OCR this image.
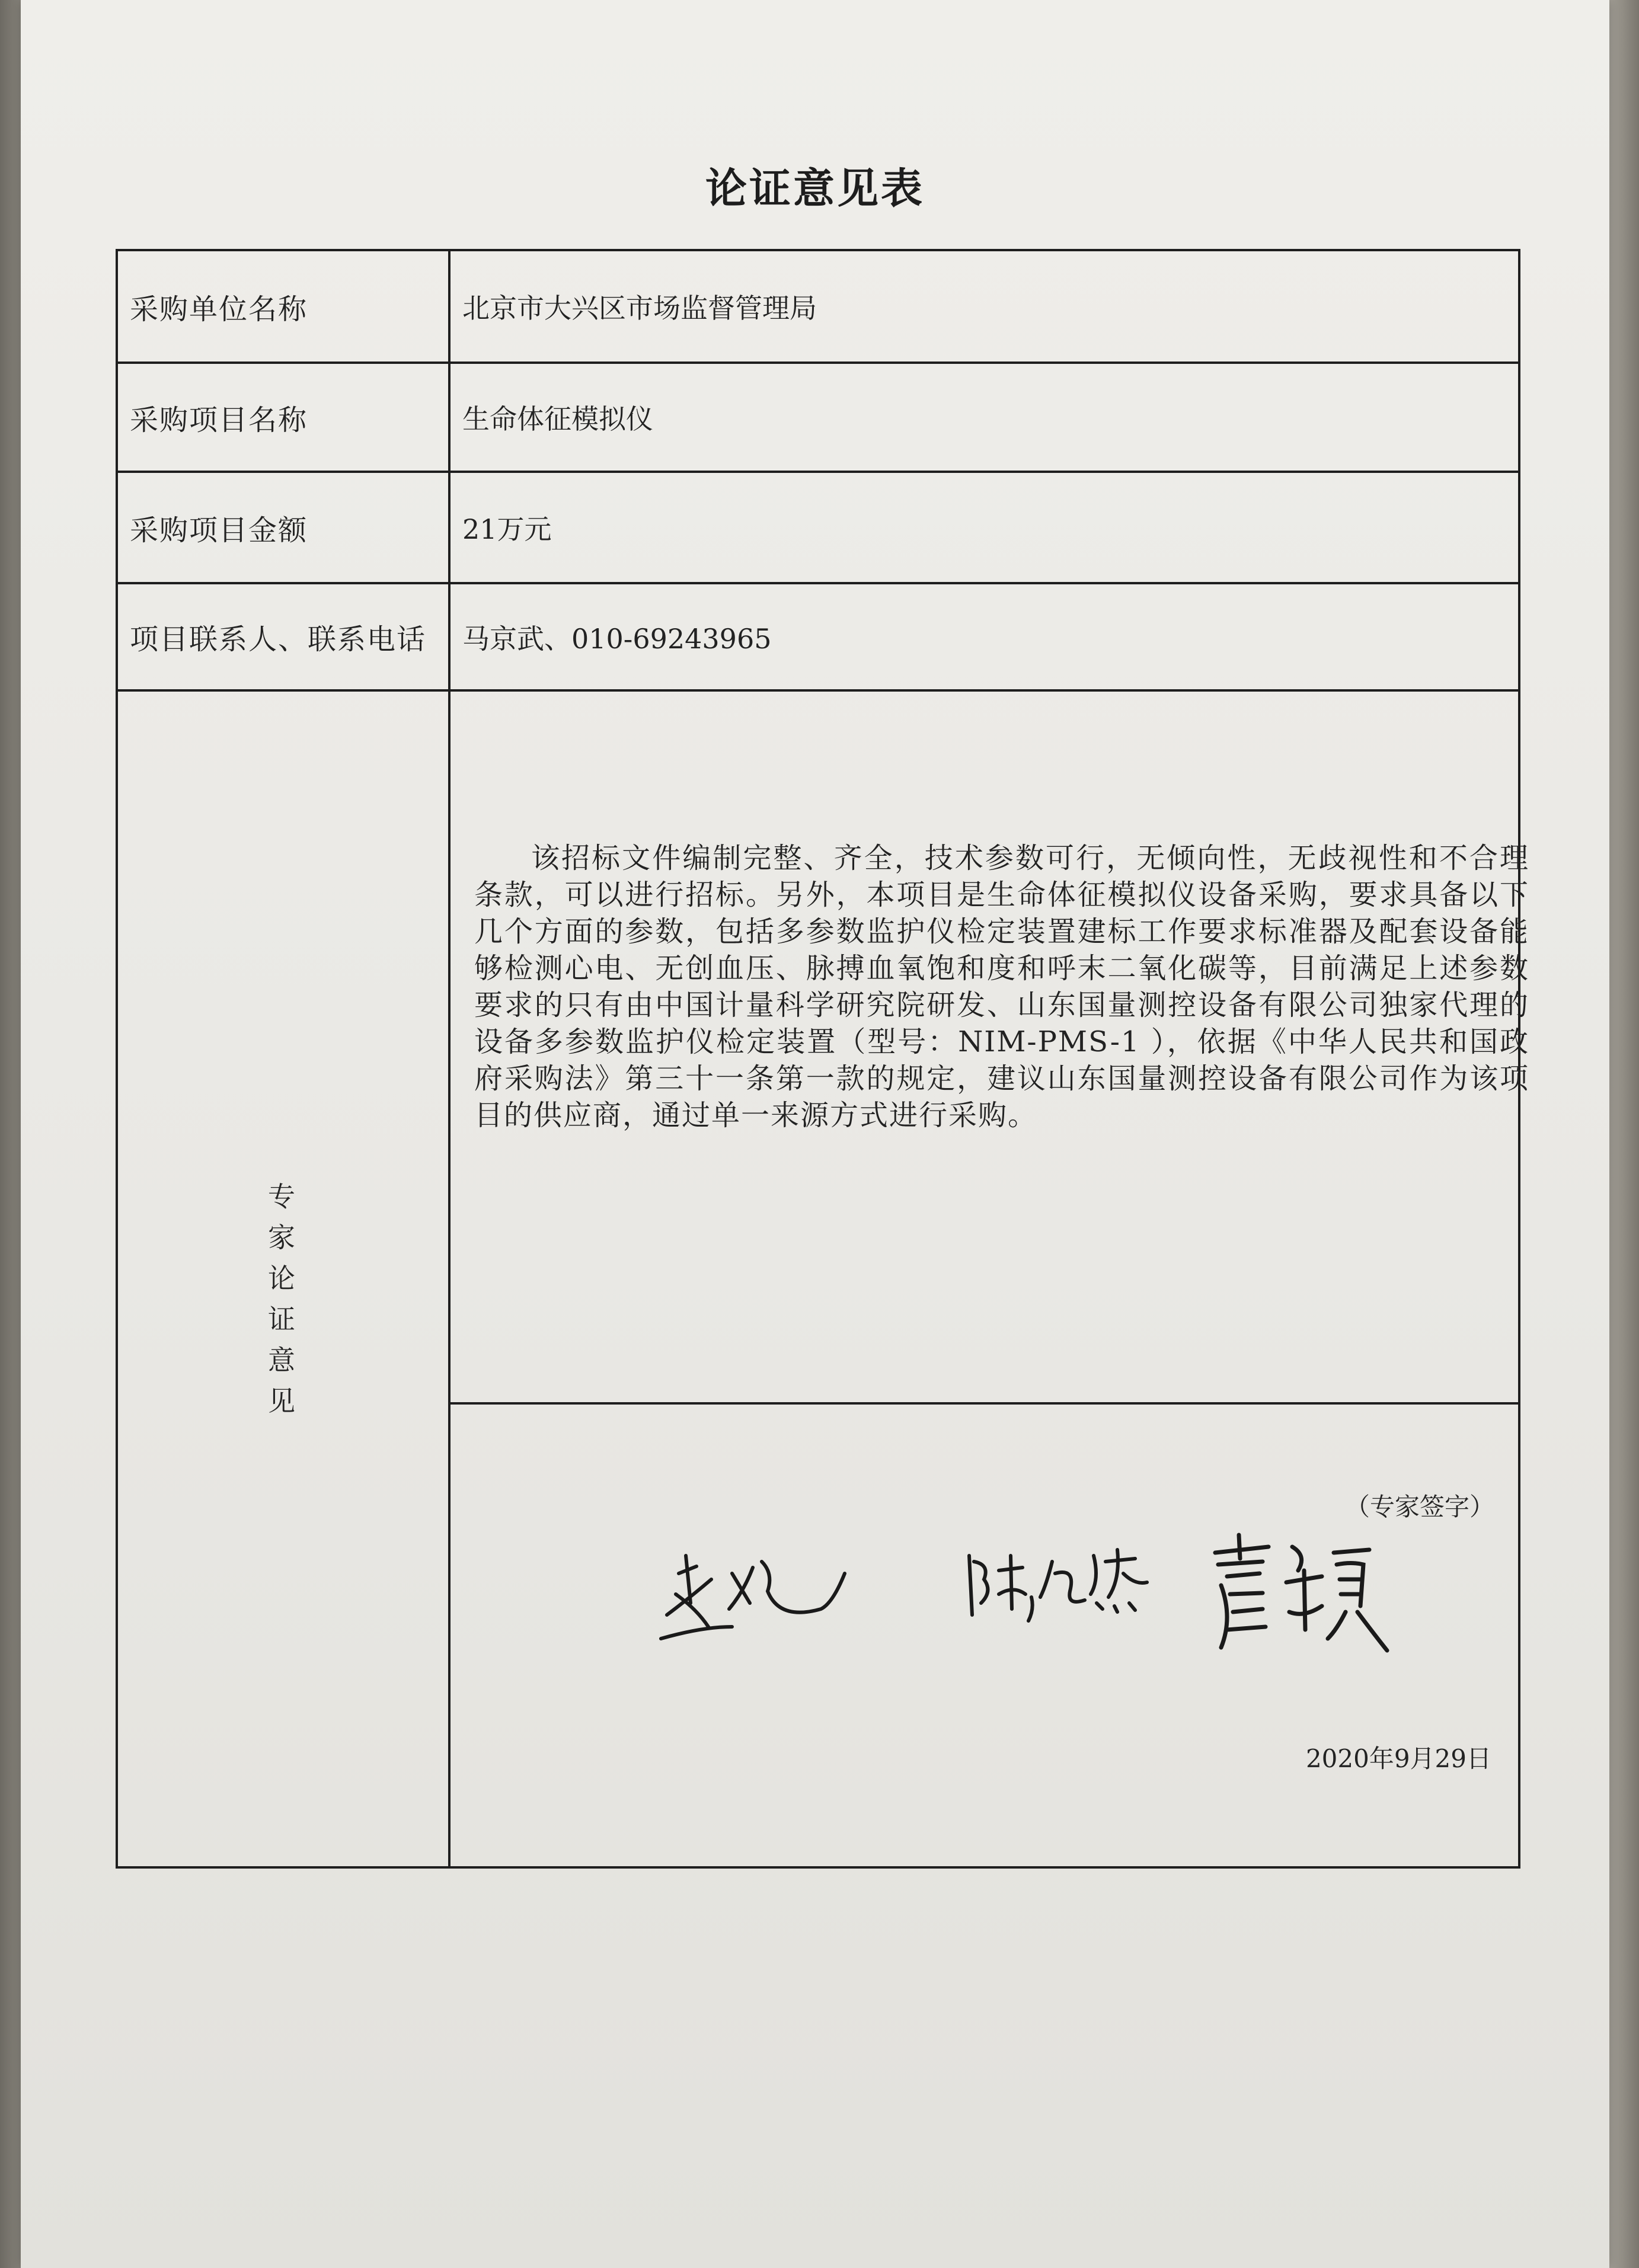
论证意见表
采购单位名称	北京市大兴区市场监督管理局
采购项目名称	生命体征模拟仪
采购项目金额	21万元
项目联系人、联系电话 马京武、010-69243965
专
家
论
证
意
见
该招标文件编制完整、齐全，技术参数可行，无倾向性，无歧视性和不合理条款，可以进行招标。另外，本项目是生命体征模拟仪设备采购，要求具备以下几个方面的参数，包括多参数监护仪检定装置建标工作要求标准器及配套设备能够检测心电、无创血压、脉搏血氧饱和度和呼末二氧化碳等，目前满足上述参数要求的只有由中国计量科学研究院研发、山东国量测控设备有限公司独家代理的设备多参数监护仪检定装置（型号：NIM-PMS-1 ），依据《中华人民共和国政府采购法》第三十一条第一款的规定，建议山东国量测控设备有限公司作为该项目的供应商，通过单一来源方式进行采购。
（专家签字）
2020年9月29日
